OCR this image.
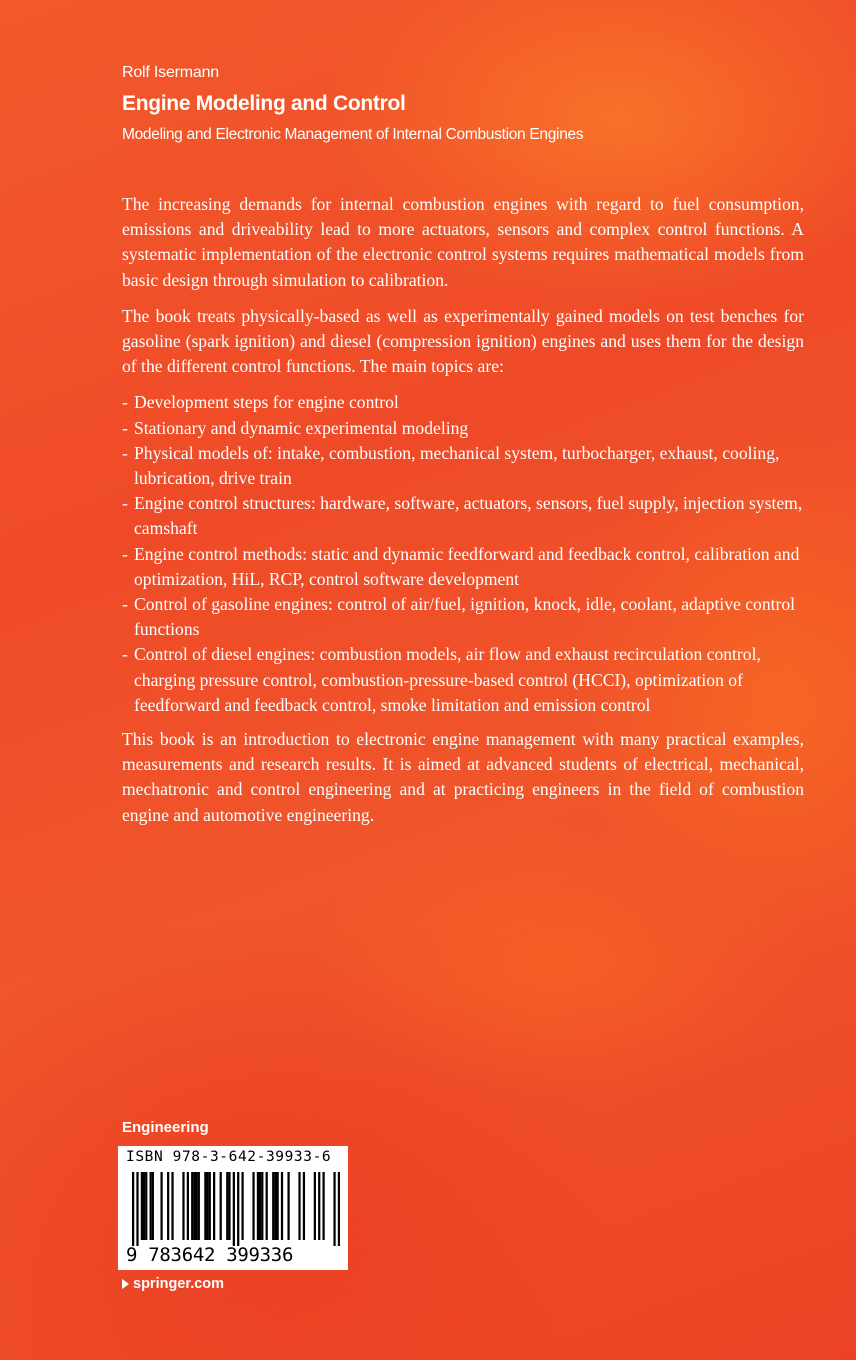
Rolf Isermann
Engine Modeling and Control
Modeling and Electronic Management of Internal Combustion Engines

The increasing demands for internal combustion engines with regard to fuel consumption, emissions and driveability lead to more actuators, sensors and complex control functions. A systematic implementation of the electronic control systems requires mathematical models from basic design through simulation to calibration.

The book treats physically-based as well as experimentally gained models on test benches for gasoline (spark ignition) and diesel (compression ignition) engines and uses them for the design of the different control functions. The main topics are:

- Development steps for engine control
- Stationary and dynamic experimental modeling
- Physical models of: intake, combustion, mechanical system, turbocharger, exhaust, cooling, lubrication, drive train
- Engine control structures: hardware, software, actuators, sensors, fuel supply, injection system, camshaft
- Engine control methods: static and dynamic feedforward and feedback control, calibration and optimization, HiL, RCP, control software development
- Control of gasoline engines: control of air/fuel, ignition, knock, idle, coolant, adaptive control functions
- Control of diesel engines: combustion models, air flow and exhaust recirculation control, charging pressure control, combustion-pressure-based control (HCCI), optimization of feedforward and feedback control, smoke limitation and emission control

This book is an introduction to electronic engine management with many practical examples, measurements and research results. It is aimed at advanced students of electrical, mechanical, mechatronic and control engineering and at practicing engineers in the field of combustion engine and automotive engineering.

Engineering
ISBN 978-3-642-39933-6
9 783642 399336
springer.com
